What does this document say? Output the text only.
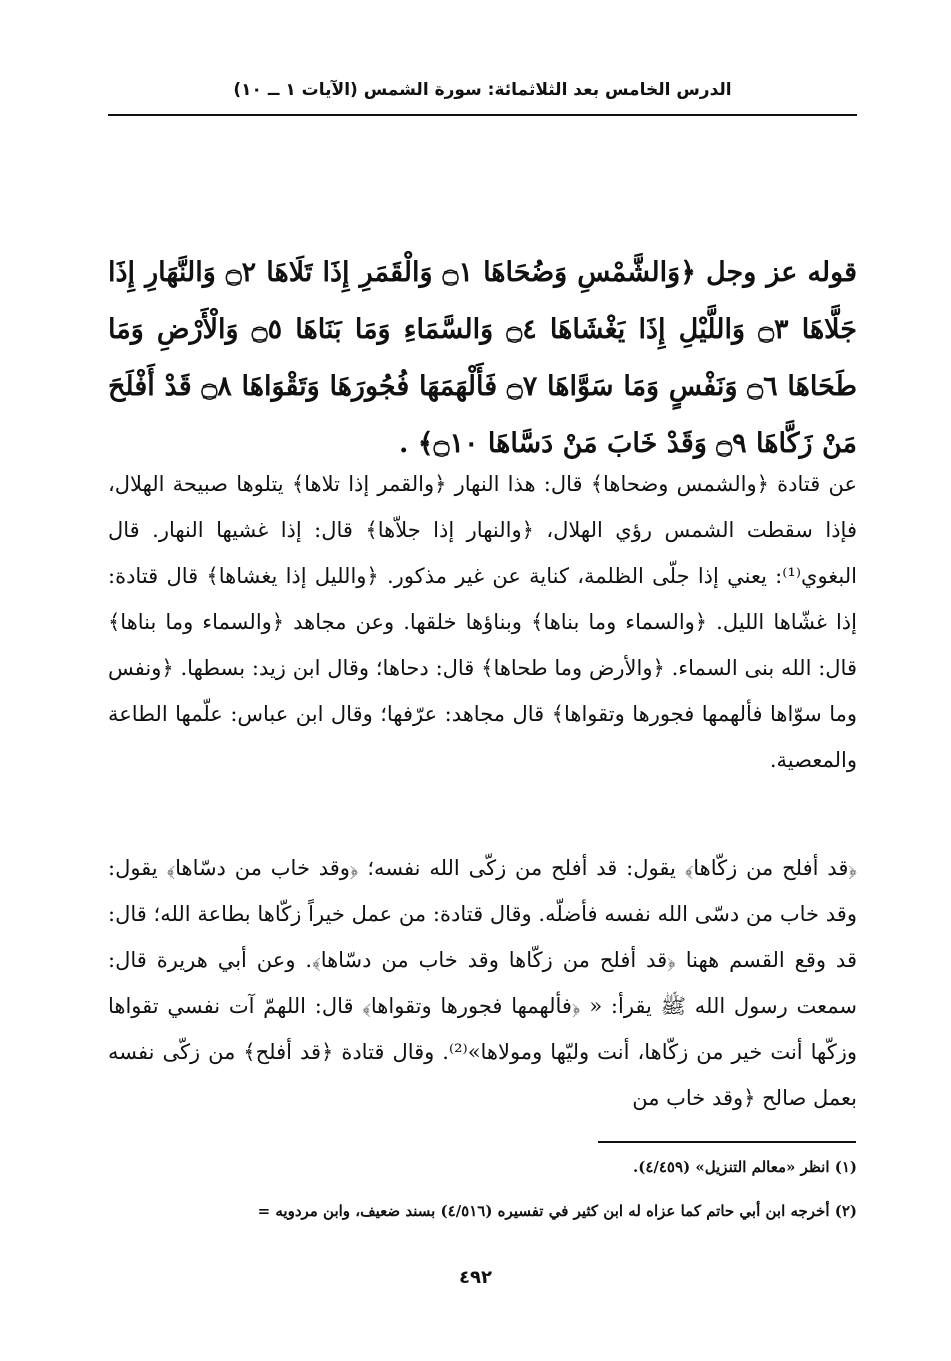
الدرس الخامس بعد الثلاثمائة: سورة الشمس (الآيات ١ ــ ١٠)
قوله عز وجل ﴿وَالشَّمْسِ وَضُحَاهَا ۝١ وَالْقَمَرِ إِذَا تَلَاهَا ۝٢ وَالنَّهَارِ إِذَا جَلَّاهَا ۝٣ وَاللَّيْلِ إِذَا يَغْشَاهَا ۝٤ وَالسَّمَاءِ وَمَا بَنَاهَا ۝٥ وَالْأَرْضِ وَمَا طَحَاهَا ۝٦ وَنَفْسٍ وَمَا سَوَّاهَا ۝٧ فَأَلْهَمَهَا فُجُورَهَا وَتَقْوَاهَا ۝٨ قَدْ أَفْلَحَ مَنْ زَكَّاهَا ۝٩ وَقَدْ خَابَ مَنْ دَسَّاهَا ۝١٠﴾ .
عن قتادة ﴿والشمس وضحاها﴾ قال: هذا النهار ﴿والقمر إذا تلاها﴾ يتلوها صبيحة الهلال، فإذا سقطت الشمس رؤي الهلال، ﴿والنهار إذا جلاّها﴾ قال: إذا غشيها النهار. قال البغوي⁽¹⁾: يعني إذا جلّى الظلمة، كناية عن غير مذكور. ﴿والليل إذا يغشاها﴾ قال قتادة: إذا غشّاها الليل. ﴿والسماء وما بناها﴾ وبناؤها خلقها. وعن مجاهد ﴿والسماء وما بناها﴾ قال: الله بنى السماء. ﴿والأرض وما طحاها﴾ قال: دحاها؛ وقال ابن زيد: بسطها. ﴿ونفس وما سوّاها فألهمها فجورها وتقواها﴾ قال مجاهد: عرّفها؛ وقال ابن عباس: علّمها الطاعة والمعصية.
﴿قد أفلح من زكّاها﴾ يقول: قد أفلح من زكّى الله نفسه؛ ﴿وقد خاب من دسّاها﴾ يقول: وقد خاب من دسّى الله نفسه فأضلّه. وقال قتادة: من عمل خيراً زكّاها بطاعة الله؛ قال: قد وقع القسم ههنا ﴿قد أفلح من زكّاها وقد خاب من دسّاها﴾. وعن أبي هريرة قال: سمعت رسول الله ﷺ يقرأ: « ﴿فألهمها فجورها وتقواها﴾ قال: اللهمّ آت نفسي تقواها وزكّها أنت خير من زكّاها، أنت وليّها ومولاها»⁽²⁾. وقال قتادة ﴿قد أفلح﴾ من زكّى نفسه بعمل صالح ﴿وقد خاب من
(١) انظر «معالم التنزيل» (٤/٤٥٩).
(٢) أخرجه ابن أبي حاتم كما عزاه له ابن كثير في تفسيره (٤/٥١٦) بسند ضعيف، وابن مردويه =
٤٩٢
